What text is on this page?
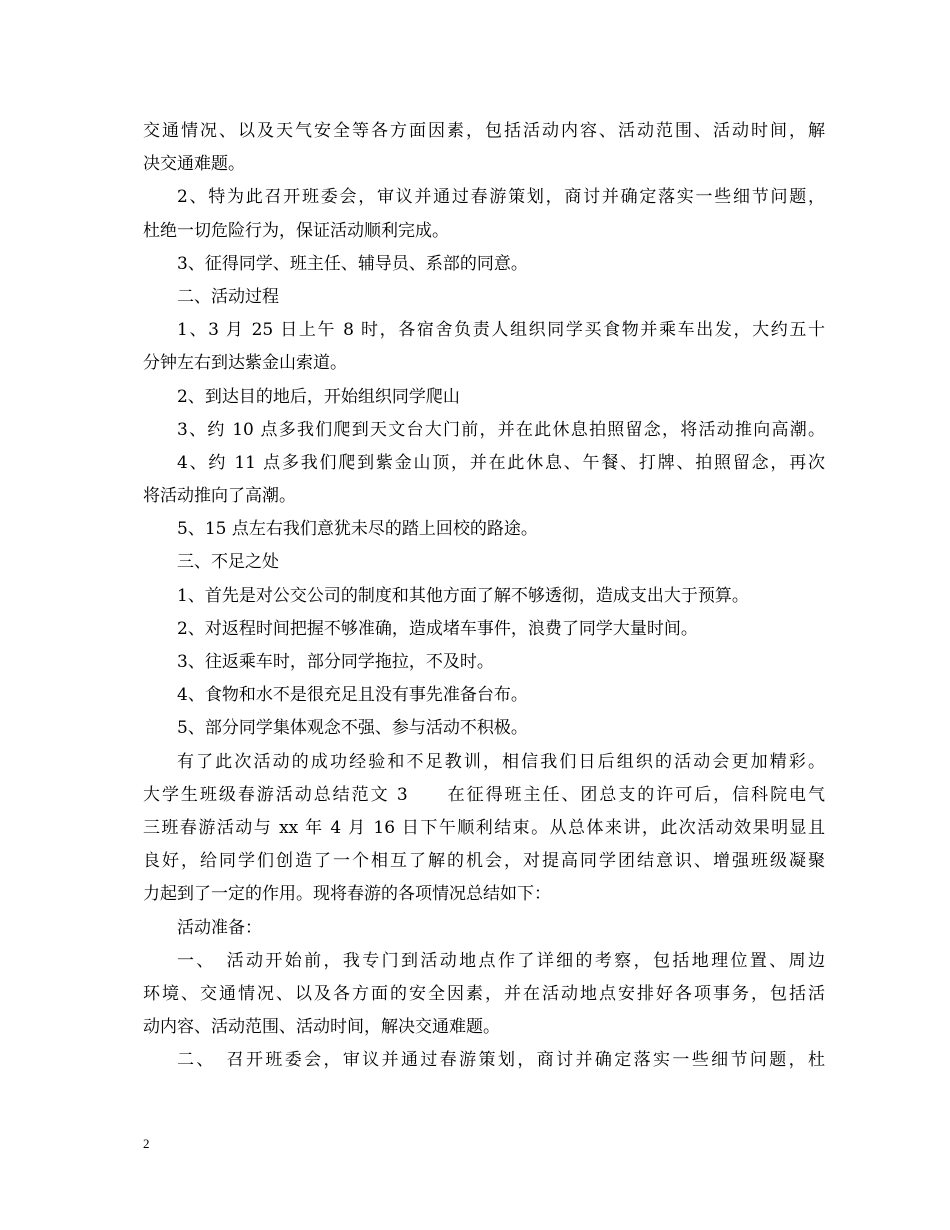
交通情况、以及天气安全等各方面因素，包括活动内容、活动范围、活动时间，解
决交通难题。
2、特为此召开班委会，审议并通过春游策划，商讨并确定落实一些细节问题，
杜绝一切危险行为，保证活动顺利完成。
3、征得同学、班主任、辅导员、系部的同意。
二、活动过程
1、3 月 25 日上午 8 时，各宿舍负责人组织同学买食物并乘车出发，大约五十
分钟左右到达紫金山索道。
2、到达目的地后，开始组织同学爬山
3、约 10 点多我们爬到天文台大门前，并在此休息拍照留念，将活动推向高潮。
4、约 11 点多我们爬到紫金山顶，并在此休息、午餐、打牌、拍照留念，再次
将活动推向了高潮。
5、15 点左右我们意犹未尽的踏上回校的路途。
三、不足之处
1、首先是对公交公司的制度和其他方面了解不够透彻，造成支出大于预算。
2、对返程时间把握不够准确，造成堵车事件，浪费了同学大量时间。
3、往返乘车时，部分同学拖拉，不及时。
4、食物和水不是很充足且没有事先准备台布。
5、部分同学集体观念不强、参与活动不积极。
有了此次活动的成功经验和不足教训，相信我们日后组织的活动会更加精彩。
大学生班级春游活动总结范文 3　　在征得班主任、团总支的许可后，信科院电气
三班春游活动与 xx 年 4 月 16 日下午顺利结束。从总体来讲，此次活动效果明显且
良好，给同学们创造了一个相互了解的机会，对提高同学团结意识、增强班级凝聚
力起到了一定的作用。现将春游的各项情况总结如下：
活动准备：
一、　活动开始前，我专门到活动地点作了详细的考察，包括地理位置、周边
环境、交通情况、以及各方面的安全因素，并在活动地点安排好各项事务，包括活
动内容、活动范围、活动时间，解决交通难题。
二、　召开班委会，审议并通过春游策划，商讨并确定落实一些细节问题，杜
2
